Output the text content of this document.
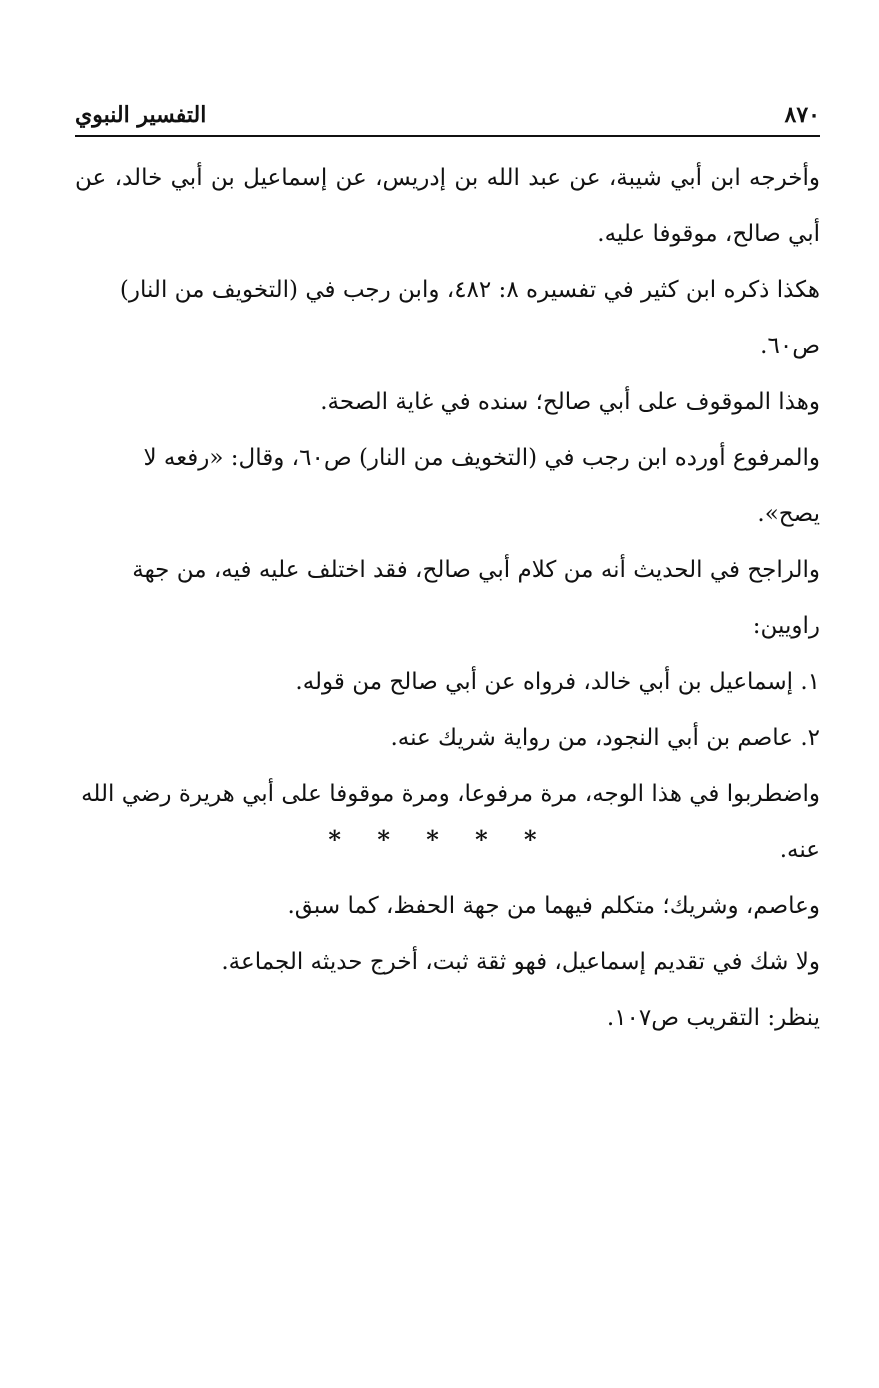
٨٧٠
التفسير النبوي

وأخرجه ابن أبي شيبة، عن عبد الله بن إدريس، عن إسماعيل بن أبي خالد، عن أبي صالح، موقوفا عليه.

هكذا ذكره ابن كثير في تفسيره ٨: ٤٨٢، وابن رجب في (التخويف من النار) ص٦٠.

وهذا الموقوف على أبي صالح؛ سنده في غاية الصحة.

والمرفوع أورده ابن رجب في (التخويف من النار) ص٦٠، وقال: «رفعه لا يصح».

والراجح في الحديث أنه من كلام أبي صالح، فقد اختلف عليه فيه، من جهة راويين:

١. إسماعيل بن أبي خالد، فرواه عن أبي صالح من قوله.

٢. عاصم بن أبي النجود، من رواية شريك عنه.

واضطربوا في هذا الوجه، مرة مرفوعا، ومرة موقوفا على أبي هريرة رضي الله عنه.

وعاصم، وشريك؛ متكلم فيهما من جهة الحفظ، كما سبق.

ولا شك في تقديم إسماعيل، فهو ثقة ثبت، أخرج حديثه الجماعة.

ينظر: التقريب ص١٠٧.

* * * * *
